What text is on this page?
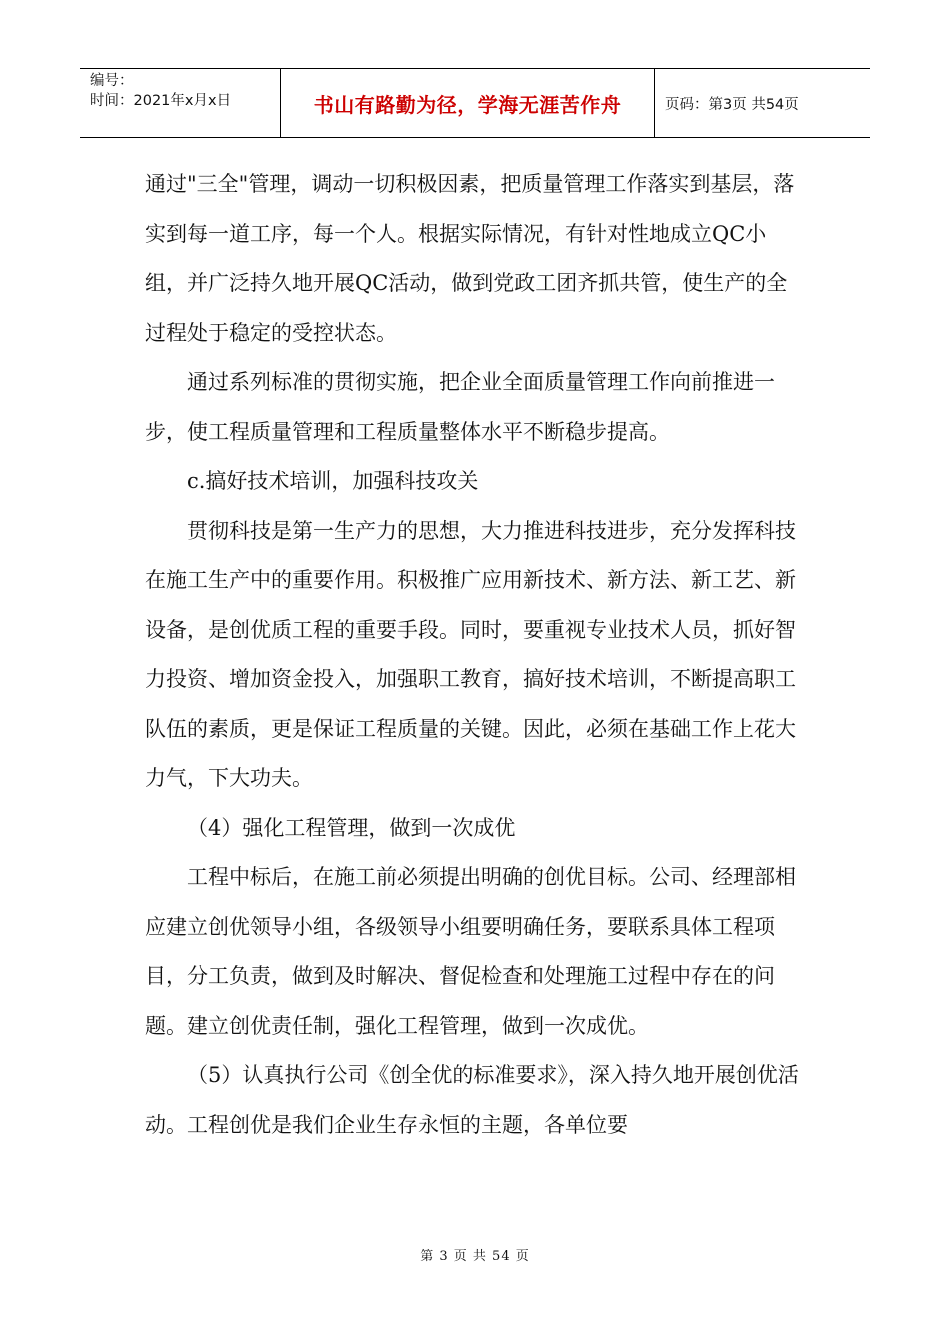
编号：
时间：2021年x月x日	书山有路勤为径，学海无涯苦作舟	页码：第3页 共54页

通过"三全"管理，调动一切积极因素，把质量管理工作落实到基层，落实到每一道工序，每一个人。根据实际情况，有针对性地成立QC小组，并广泛持久地开展QC活动，做到党政工团齐抓共管，使生产的全过程处于稳定的受控状态。

通过系列标准的贯彻实施，把企业全面质量管理工作向前推进一步，使工程质量管理和工程质量整体水平不断稳步提高。

c.搞好技术培训，加强科技攻关

贯彻科技是第一生产力的思想，大力推进科技进步，充分发挥科技在施工生产中的重要作用。积极推广应用新技术、新方法、新工艺、新设备，是创优质工程的重要手段。同时，要重视专业技术人员，抓好智力投资、增加资金投入，加强职工教育，搞好技术培训，不断提高职工队伍的素质，更是保证工程质量的关键。因此，必须在基础工作上花大力气，下大功夫。

（4）强化工程管理，做到一次成优

工程中标后，在施工前必须提出明确的创优目标。公司、经理部相应建立创优领导小组，各级领导小组要明确任务，要联系具体工程项目，分工负责，做到及时解决、督促检查和处理施工过程中存在的问题。建立创优责任制，强化工程管理，做到一次成优。

（5）认真执行公司《创全优的标准要求》，深入持久地开展创优活动。工程创优是我们企业生存永恒的主题，各单位要

第 3 页 共 54 页
